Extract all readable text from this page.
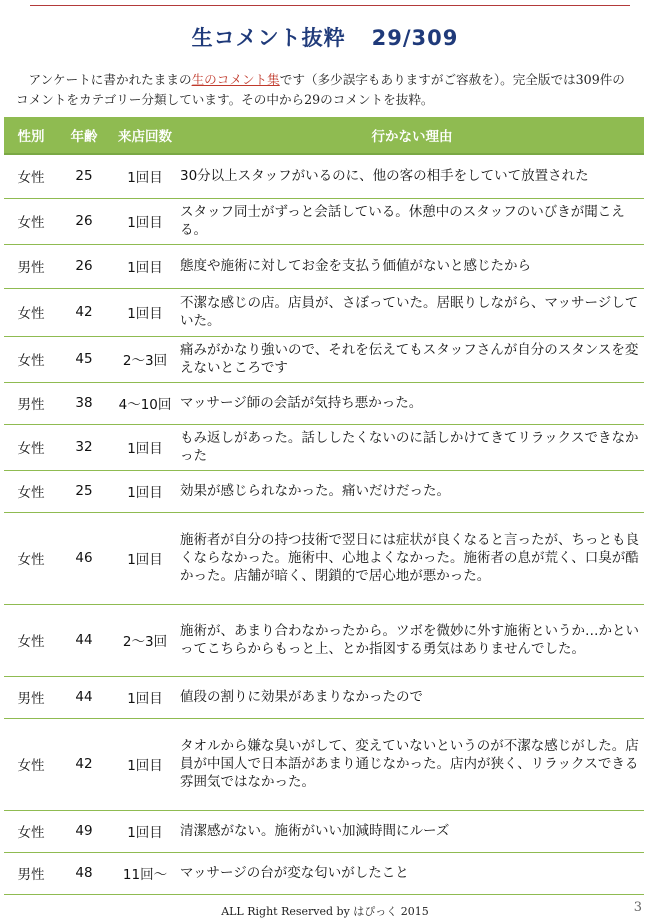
生コメント抜粋 29/309
アンケートに書かれたままの生のコメント集です（多少誤字もありますがご容赦を）。完全版では309件のコメントをカテゴリー分類しています。その中から29のコメントを抜粋。
性別	年齢	来店回数	行かない理由
女性	25	1回目	30分以上スタッフがいるのに、他の客の相手をしていて放置された
女性	26	1回目	スタッフ同士がずっと会話している。休憩中のスタッフのいびきが聞こえる。
男性	26	1回目	態度や施術に対してお金を支払う価値がないと感じたから
女性	42	1回目	不潔な感じの店。店員が、さぼっていた。居眠りしながら、マッサージしていた。
女性	45	2〜3回	痛みがかなり強いので、それを伝えてもスタッフさんが自分のスタンスを変えないところです
男性	38	4〜10回	マッサージ師の会話が気持ち悪かった。
女性	32	1回目	もみ返しがあった。話ししたくないのに話しかけてきてリラックスできなかった
女性	25	1回目	効果が感じられなかった。痛いだけだった。
女性	46	1回目	施術者が自分の持つ技術で翌日には症状が良くなると言ったが、ちっとも良くならなかった。施術中、心地よくなかった。施術者の息が荒く、口臭が酷かった。店舗が暗く、閉鎖的で居心地が悪かった。
女性	44	2〜3回	施術が、あまり合わなかったから。ツボを微妙に外す施術というか…かといってこちらからもっと上、とか指図する勇気はありませんでした。
男性	44	1回目	値段の割りに効果があまりなかったので
女性	42	1回目	タオルから嫌な臭いがして、変えていないというのが不潔な感じがした。店員が中国人で日本語があまり通じなかった。店内が狭く、リラックスできる雰囲気ではなかった。
女性	49	1回目	清潔感がない。施術がいい加減時間にルーズ
男性	48	11回〜	マッサージの台が変な匂いがしたこと
ALL Right Reserved by はぴっく 2015	3
